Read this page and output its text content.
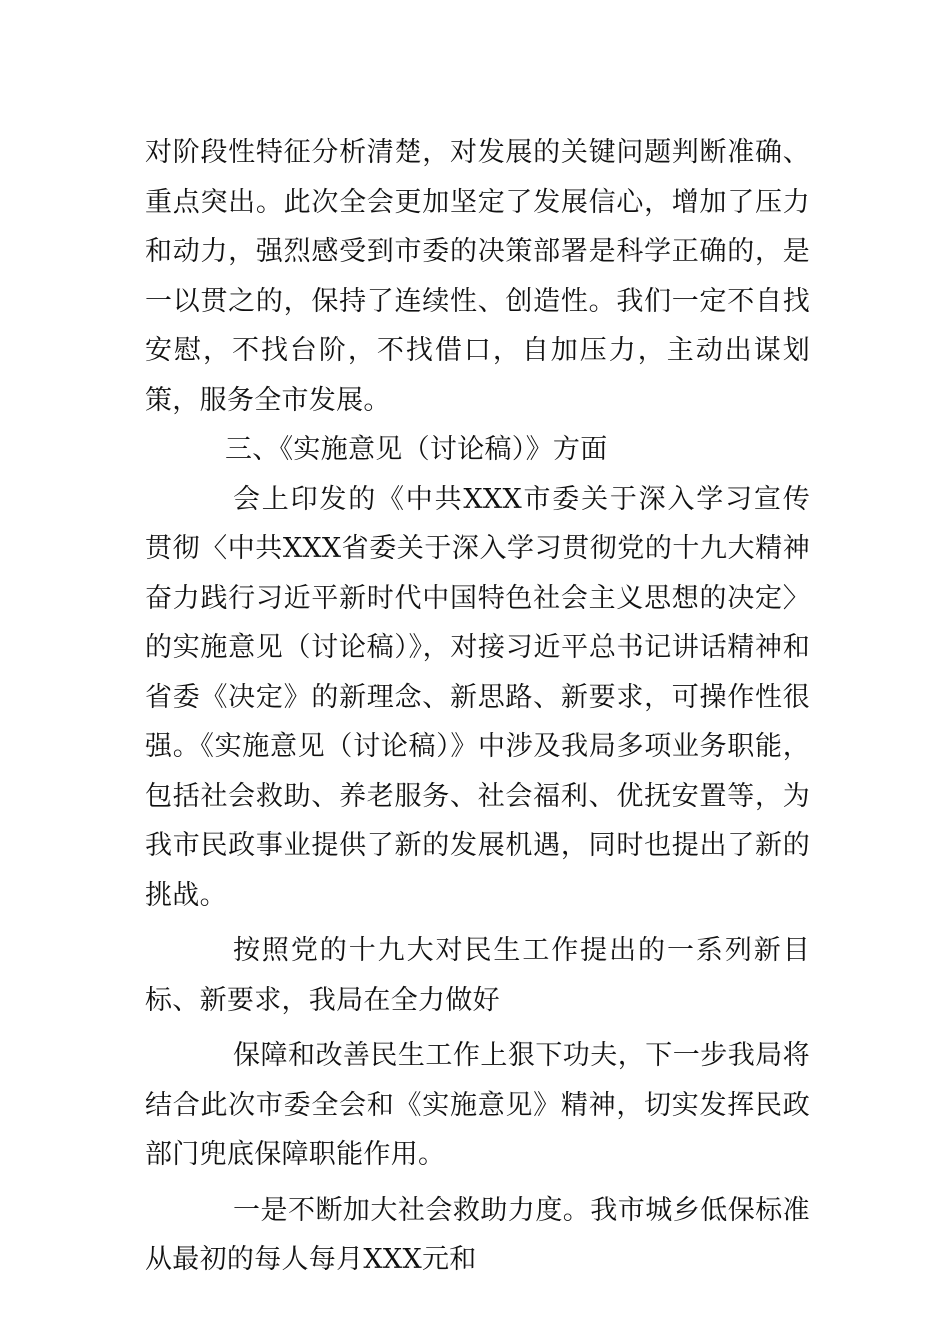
对阶段性特征分析清楚，对发展的关键问题判断准确、重点突出。此次全会更加坚定了发展信心，增加了压力和动力，强烈感受到市委的决策部署是科学正确的，是一以贯之的，保持了连续性、创造性。我们一定不自找安慰，不找台阶，不找借口，自加压力，主动出谋划策，服务全市发展。

三、《实施意见（讨论稿）》方面

会上印发的《中共XXX市委关于深入学习宣传贯彻〈中共XXX省委关于深入学习贯彻党的十九大精神奋力践行习近平新时代中国特色社会主义思想的决定〉的实施意见（讨论稿）》，对接习近平总书记讲话精神和省委《决定》的新理念、新思路、新要求，可操作性很强。《实施意见（讨论稿）》中涉及我局多项业务职能，包括社会救助、养老服务、社会福利、优抚安置等，为我市民政事业提供了新的发展机遇，同时也提出了新的挑战。

按照党的十九大对民生工作提出的一系列新目标、新要求，我局在全力做好

保障和改善民生工作上狠下功夫，下一步我局将结合此次市委全会和《实施意见》精神，切实发挥民政部门兜底保障职能作用。

一是不断加大社会救助力度。我市城乡低保标准从最初的每人每月XXX元和
